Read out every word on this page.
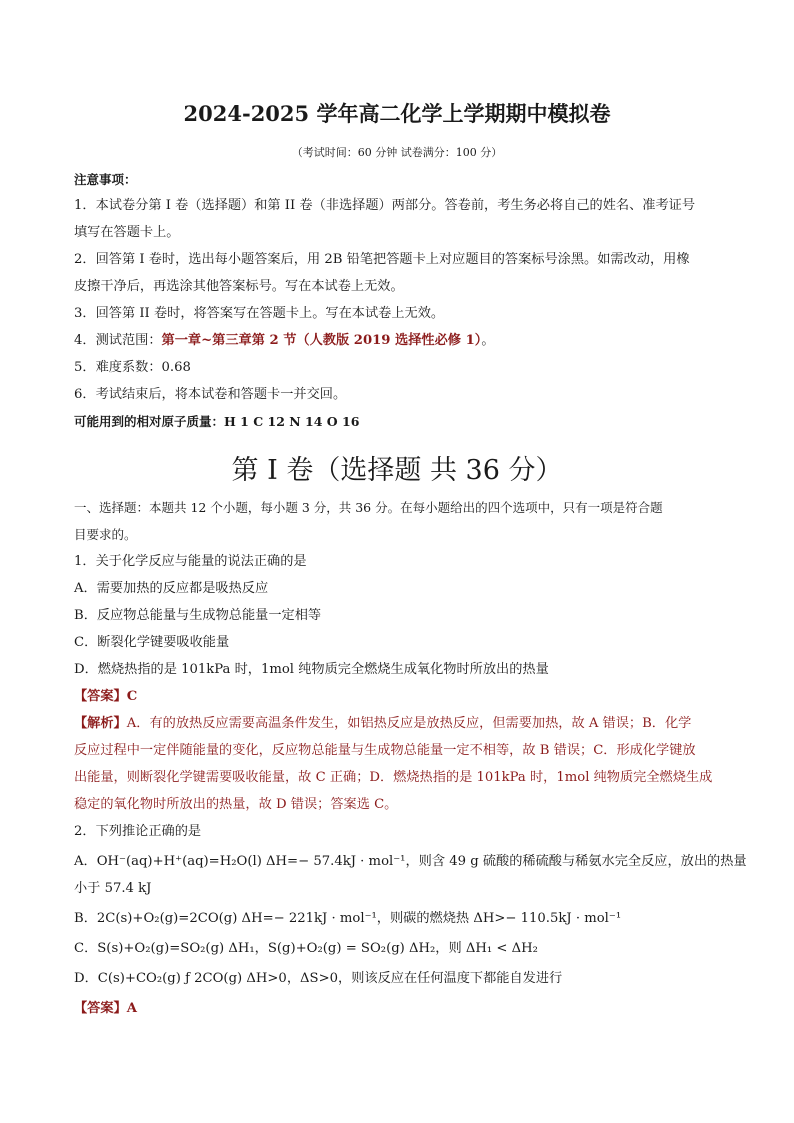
2024-2025 学年高二化学上学期期中模拟卷
（考试时间：60 分钟 试卷满分：100 分）
注意事项：
1．本试卷分第 I 卷（选择题）和第 II 卷（非选择题）两部分。答卷前，考生务必将自己的姓名、准考证号
填写在答题卡上。
2．回答第 I 卷时，选出每小题答案后，用 2B 铅笔把答题卡上对应题目的答案标号涂黑。如需改动，用橡
皮擦干净后，再选涂其他答案标号。写在本试卷上无效。
3．回答第 II 卷时，将答案写在答题卡上。写在本试卷上无效。
4．测试范围：第一章~第三章第 2 节（人教版 2019 选择性必修 1）。
5．难度系数：0.68
6．考试结束后，将本试卷和答题卡一并交回。
可能用到的相对原子质量：H 1 C 12 N 14 O 16
第 I 卷（选择题 共 36 分）
一、选择题：本题共 12 个小题，每小题 3 分，共 36 分。在每小题给出的四个选项中，只有一项是符合题
目要求的。
1．关于化学反应与能量的说法正确的是
A．需要加热的反应都是吸热反应
B．反应物总能量与生成物总能量一定相等
C．断裂化学键要吸收能量
D．燃烧热指的是 101kPa 时，1mol 纯物质完全燃烧生成氧化物时所放出的热量
【答案】C
【解析】A．有的放热反应需要高温条件发生，如铝热反应是放热反应，但需要加热，故 A 错误；B．化学
反应过程中一定伴随能量的变化，反应物总能量与生成物总能量一定不相等，故 B 错误；C．形成化学键放
出能量，则断裂化学键需要吸收能量，故 C 正确；D．燃烧热指的是 101kPa 时，1mol 纯物质完全燃烧生成
稳定的氧化物时所放出的热量，故 D 错误；答案选 C。
2．下列推论正确的是
A．OH⁻(aq)+H⁺(aq)=H₂O(l) ΔH=− 57.4kJ · mol⁻¹，则含 49 g 硫酸的稀硫酸与稀氨水完全反应，放出的热量
小于 57.4 kJ
B．2C(s)+O₂(g)=2CO(g) ΔH=− 221kJ · mol⁻¹，则碳的燃烧热 ΔH>− 110.5kJ · mol⁻¹
C．S(s)+O₂(g)=SO₂(g) ΔH₁，S(g)+O₂(g) = SO₂(g) ΔH₂，则 ΔH₁ < ΔH₂
D．C(s)+CO₂(g) ƒ 2CO(g) ΔH>0，ΔS>0，则该反应在任何温度下都能自发进行
【答案】A
